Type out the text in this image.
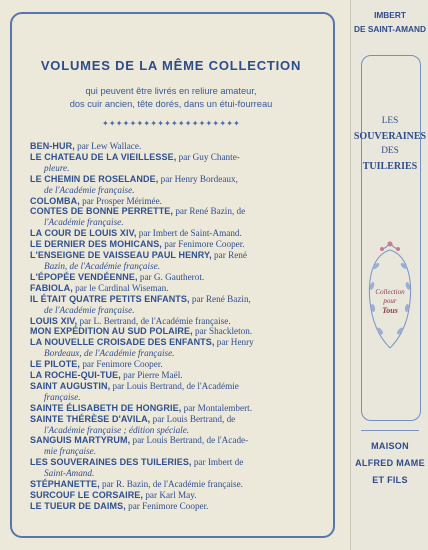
VOLUMES DE LA MÊME COLLECTION
qui peuvent être livrés en reliure amateur,
dos cuir ancien, tête dorés, dans un étui-fourreau
✦✦✦✦✦✦✦✦✦✦✦✦✦✦✦✦✦✦✦✦
BEN-HUR, par Lew Wallace.
LE CHATEAU DE LA VIEILLESSE, par Guy Chante-
pleure.
LE CHEMIN DE ROSELANDE, par Henry Bordeaux,
de l'Académie française.
COLOMBA, par Prosper Mérimée.
CONTES DE BONNE PERRETTE, par René Bazin, de
l'Académie française.
LA COUR DE LOUIS XIV, par Imbert de Saint-Amand.
LE DERNIER DES MOHICANS, par Fenimore Cooper.
L'ENSEIGNE DE VAISSEAU PAUL HENRY, par René
Bazin, de l'Académie française.
L'ÉPOPÉE VENDÉENNE, par G. Gautherot.
FABIOLA, par le Cardinal Wiseman.
IL ÉTAIT QUATRE PETITS ENFANTS, par René Bazin,
de l'Académie française.
LOUIS XIV, par L. Bertrand, de l'Académie française.
MON EXPÉDITION AU SUD POLAIRE, par Shackleton.
LA NOUVELLE CROISADE DES ENFANTS, par Henry
Bordeaux, de l'Académie française.
LE PILOTE, par Fenimore Cooper.
LA ROCHE-QUI-TUE, par Pierre Maël.
SAINT AUGUSTIN, par Louis Bertrand, de l'Académie
française.
SAINTE ÉLISABETH DE HONGRIE, par Montalembert.
SAINTE THÉRÈSE D'AVILA, par Louis Bertrand, de
l'Académie française ; édition spéciale.
SANGUIS MARTYRUM, par Louis Bertrand, de l'Acade-
mie française.
LES SOUVERAINES DES TUILERIES, par Imbert de
Saint-Amand.
STÉPHANETTE, par R. Bazin, de l'Académie française.
SURCOUF LE CORSAIRE, par Karl May.
LE TUEUR DE DAIMS, par Fenimore Cooper.
IMBERT
DE SAINT-AMAND
LES
SOUVERAINES
DES
TUILERIES
Collection
pour
Tous
MAISON
ALFRED MAME
ET FILS
